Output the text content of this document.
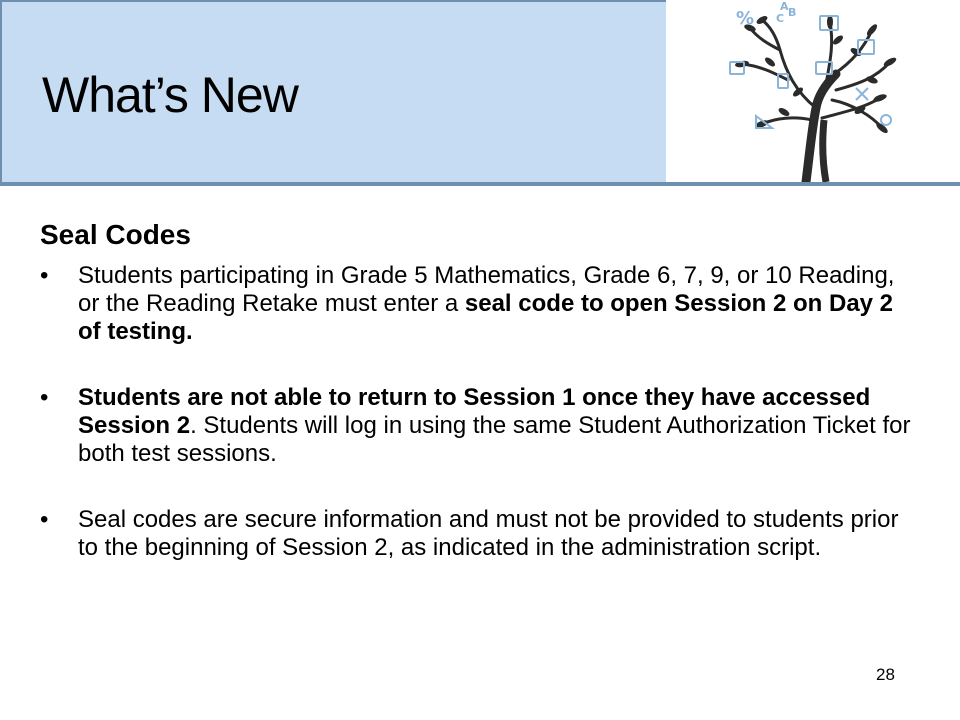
What’s New
%
A
C B
Seal Codes
• Students participating in Grade 5 Mathematics, Grade 6, 7, 9, or 10 Reading, or the Reading Retake must enter a seal code to open Session 2 on Day 2 of testing.
• Students are not able to return to Session 1 once they have accessed Session 2. Students will log in using the same Student Authorization Ticket for both test sessions.
• Seal codes are secure information and must not be provided to students prior to the beginning of Session 2, as indicated in the administration script.
28
